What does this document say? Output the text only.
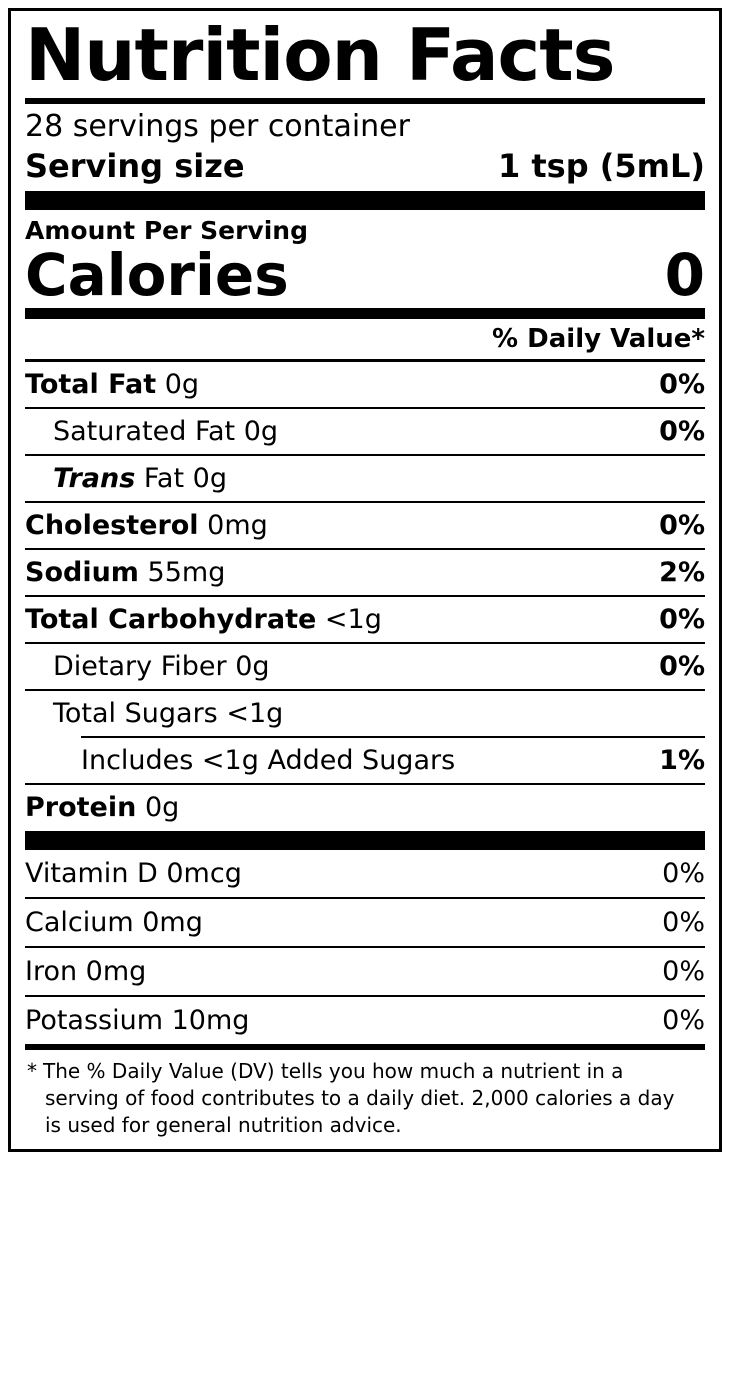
Nutrition Facts
28 servings per container
Serving size	1 tsp (5mL)
Amount Per Serving
Calories	0
% Daily Value*
Total Fat 0g	0%
Saturated Fat 0g	0%
Trans Fat 0g
Cholesterol 0mg	0%
Sodium 55mg	2%
Total Carbohydrate <1g	0%
Dietary Fiber 0g	0%
Total Sugars <1g
Includes <1g Added Sugars	1%
Protein 0g
Vitamin D 0mcg	0%
Calcium 0mg	0%
Iron 0mg	0%
Potassium 10mg	0%

* The % Daily Value (DV) tells you how much a nutrient in a

serving of food contributes to a daily diet. 2,000 calories a day

is used for general nutrition advice.
